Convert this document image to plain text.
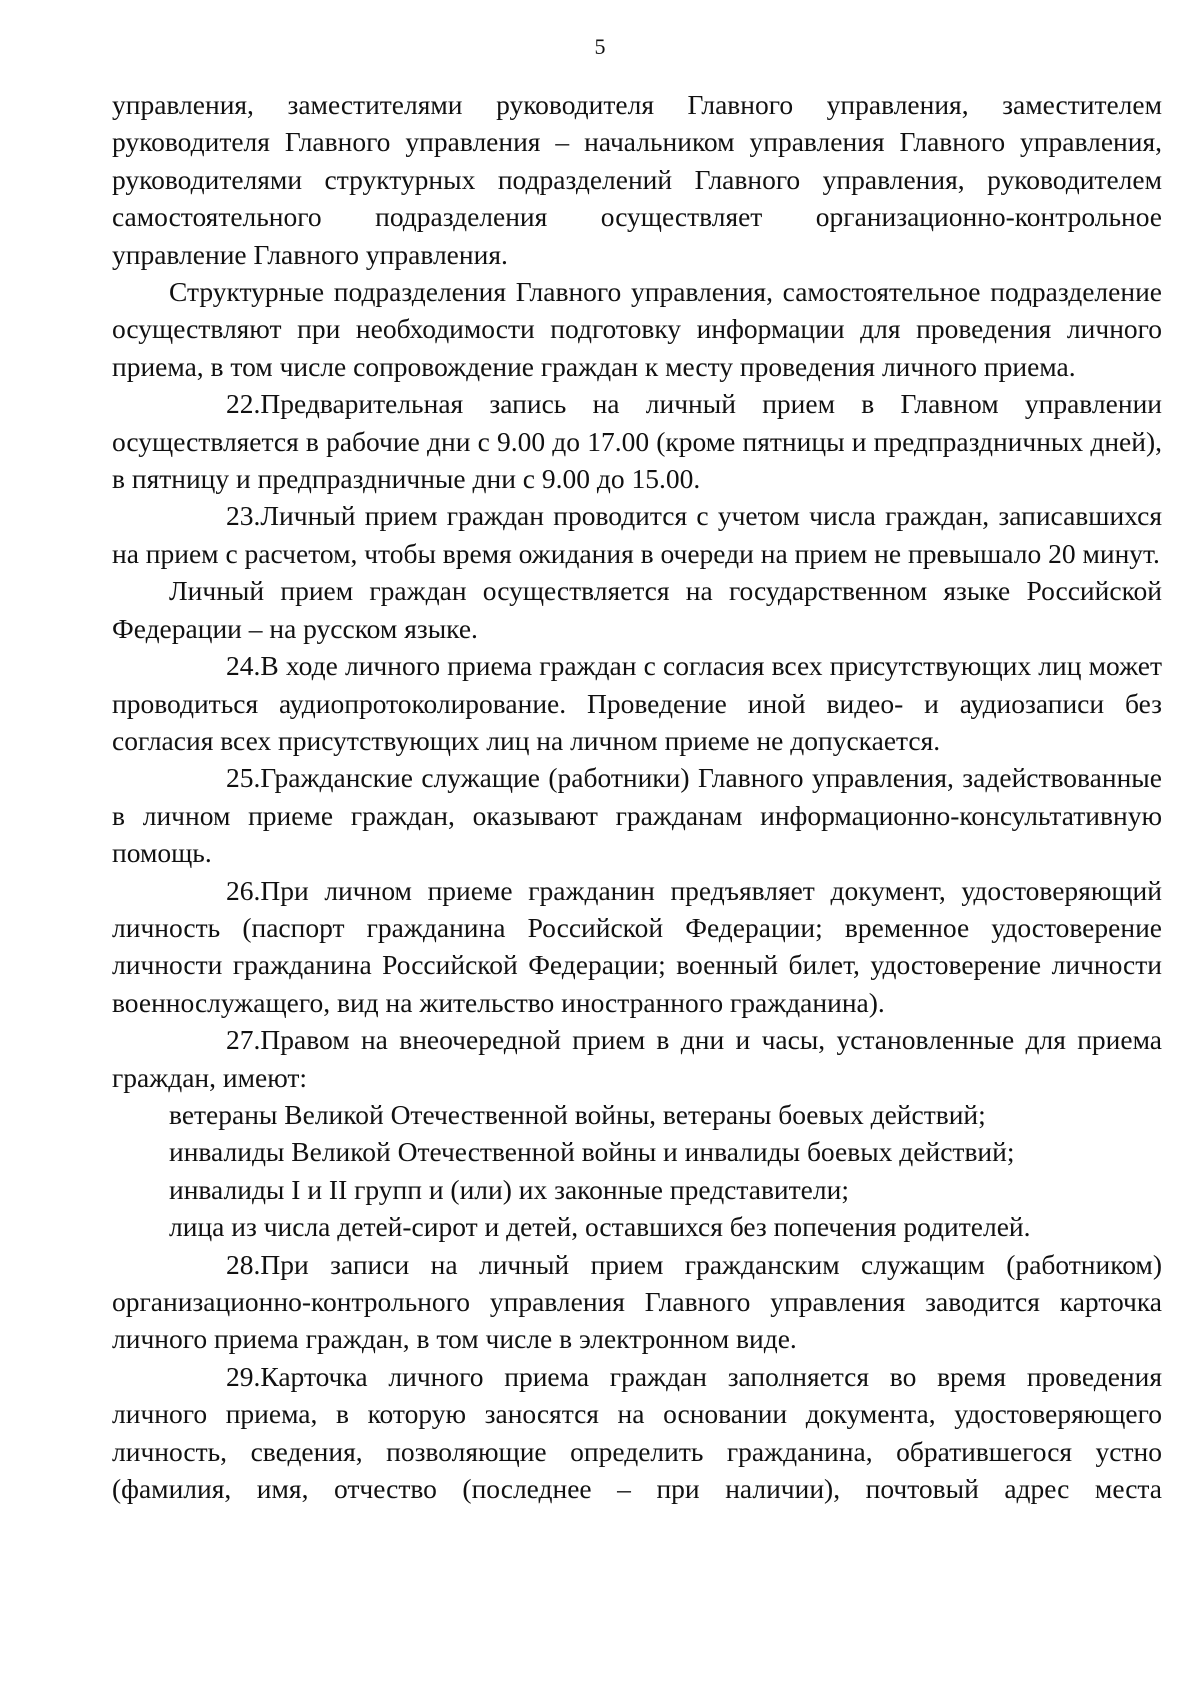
5

управления, заместителями руководителя Главного управления, заместителем руководителя Главного управления – начальником управления Главного управления, руководителями структурных подразделений Главного управления, руководителем самостоятельного подразделения осуществляет организационно-контрольное управление Главного управления.

Структурные подразделения Главного управления, самостоятельное подразделение осуществляют при необходимости подготовку информации для проведения личного приема, в том числе сопровождение граждан к месту проведения личного приема.

22.Предварительная запись на личный прием в Главном управлении осуществляется в рабочие дни с 9.00 до 17.00 (кроме пятницы и предпраздничных дней), в пятницу и предпраздничные дни с 9.00 до 15.00.

23.Личный прием граждан проводится с учетом числа граждан, записавшихся на прием с расчетом, чтобы время ожидания в очереди на прием не превышало 20 минут.

Личный прием граждан осуществляется на государственном языке Российской Федерации – на русском языке.

24.В ходе личного приема граждан с согласия всех присутствующих лиц может проводиться аудиопротоколирование. Проведение иной видео- и аудиозаписи без согласия всех присутствующих лиц на личном приеме не допускается.

25.Гражданские служащие (работники) Главного управления, задействованные в личном приеме граждан, оказывают гражданам информационно-консультативную помощь.

26.При личном приеме гражданин предъявляет документ, удостоверяющий личность (паспорт гражданина Российской Федерации; временное удостоверение личности гражданина Российской Федерации; военный билет, удостоверение личности военнослужащего, вид на жительство иностранного гражданина).

27.Правом на внеочередной прием в дни и часы, установленные для приема граждан, имеют:

ветераны Великой Отечественной войны, ветераны боевых действий;

инвалиды Великой Отечественной войны и инвалиды боевых действий;

инвалиды I и II групп и (или) их законные представители;

лица из числа детей-сирот и детей, оставшихся без попечения родителей.

28.При записи на личный прием гражданским служащим (работником) организационно-контрольного управления Главного управления заводится карточка личного приема граждан, в том числе в электронном виде.

29.Карточка личного приема граждан заполняется во время проведения личного приема, в которую заносятся на основании документа, удостоверяющего личность, сведения, позволяющие определить гражданина, обратившегося устно (фамилия, имя, отчество (последнее – при наличии), почтовый адрес места
